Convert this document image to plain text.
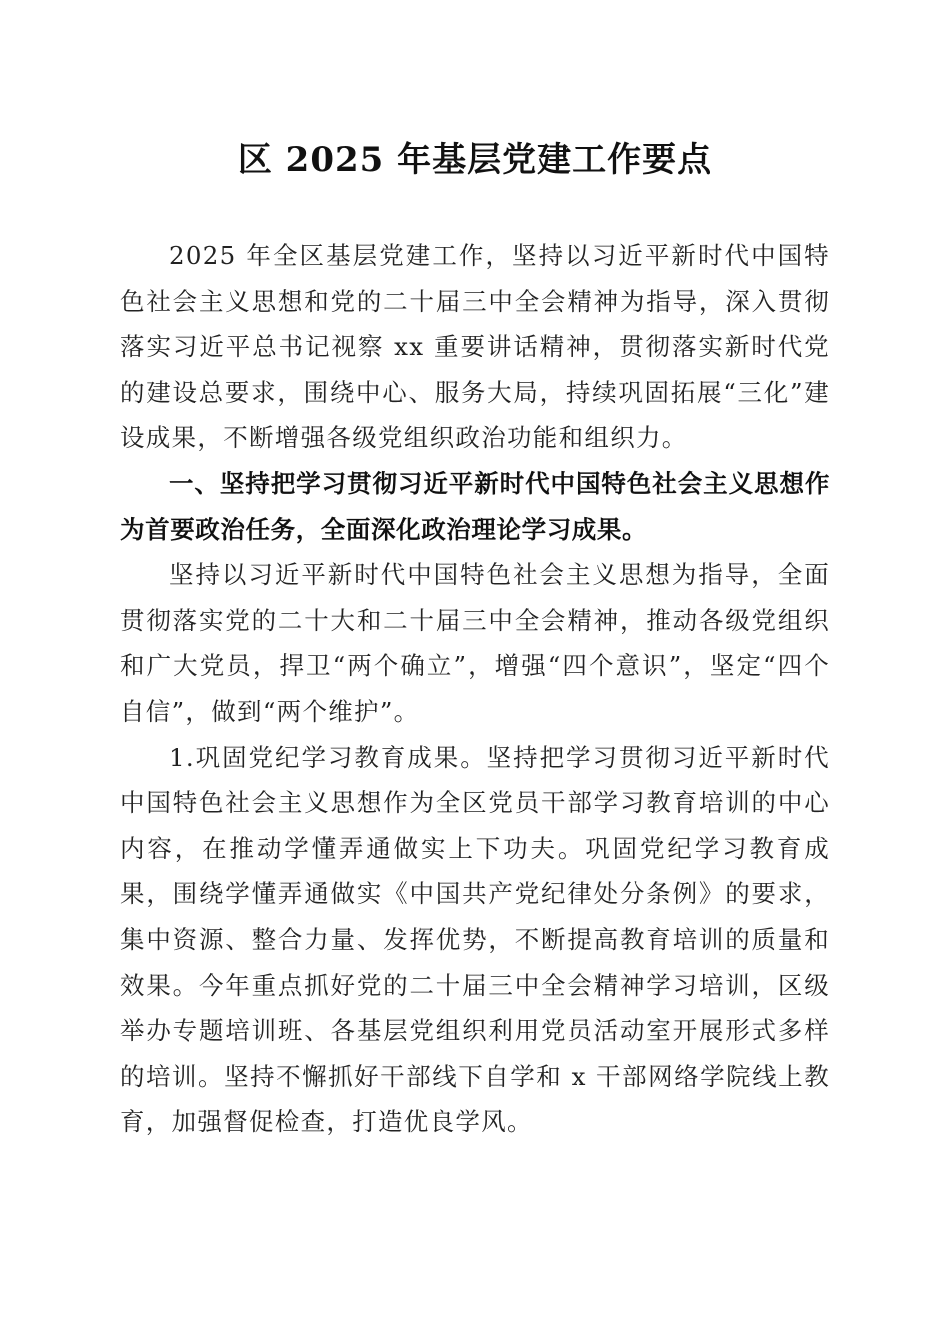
区 2025 年基层党建工作要点

2025 年全区基层党建工作，坚持以习近平新时代中国特色社会主义思想和党的二十届三中全会精神为指导，深入贯彻落实习近平总书记视察 xx 重要讲话精神，贯彻落实新时代党的建设总要求，围绕中心、服务大局，持续巩固拓展“三化”建设成果，不断增强各级党组织政治功能和组织力。

一、坚持把学习贯彻习近平新时代中国特色社会主义思想作为首要政治任务，全面深化政治理论学习成果。

坚持以习近平新时代中国特色社会主义思想为指导，全面贯彻落实党的二十大和二十届三中全会精神，推动各级党组织和广大党员，捍卫“两个确立”，增强“四个意识”，坚定“四个自信”，做到“两个维护”。

1.巩固党纪学习教育成果。坚持把学习贯彻习近平新时代中国特色社会主义思想作为全区党员干部学习教育培训的中心内容，在推动学懂弄通做实上下功夫。巩固党纪学习教育成果，围绕学懂弄通做实《中国共产党纪律处分条例》的要求，集中资源、整合力量、发挥优势，不断提高教育培训的质量和效果。今年重点抓好党的二十届三中全会精神学习培训，区级举办专题培训班、各基层党组织利用党员活动室开展形式多样的培训。坚持不懈抓好干部线下自学和 x 干部网络学院线上教育，加强督促检查，打造优良学风。
